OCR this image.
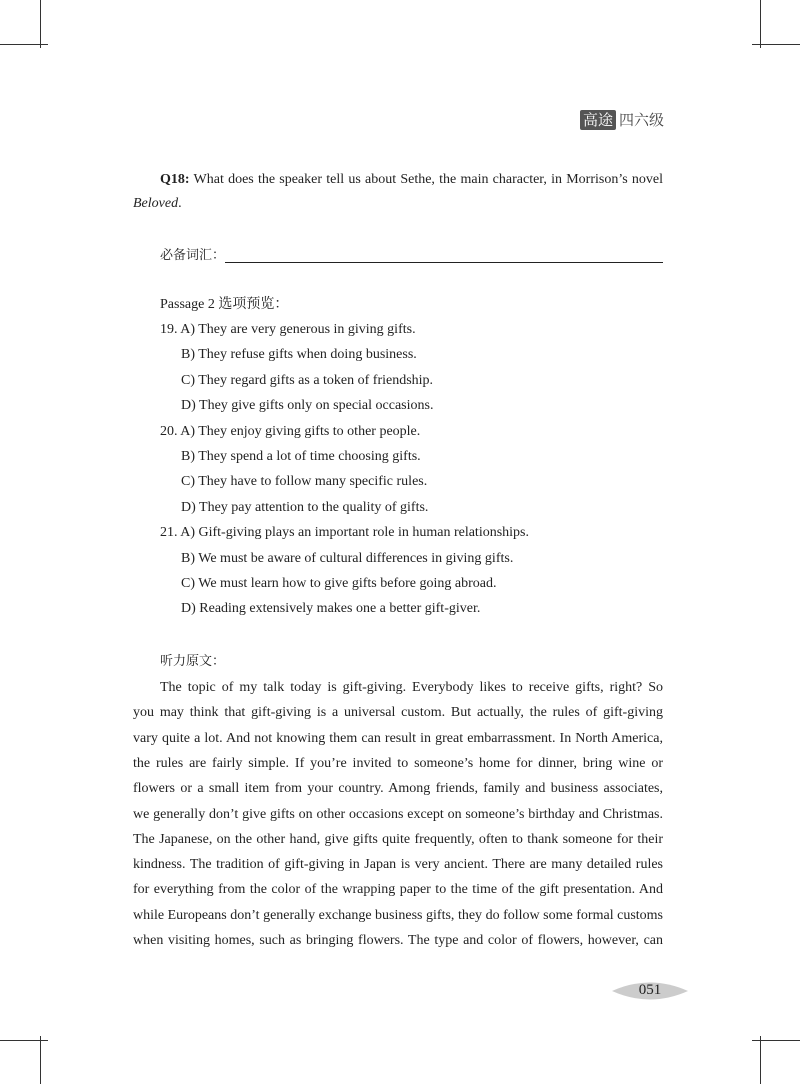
高途 四六级
Q18: What does the speaker tell us about Sethe, the main character, in Morrison’s novel
Beloved.
必备词汇：
Passage 2 选项预览：
19. A) They are very generous in giving gifts.
B) They refuse gifts when doing business.
C) They regard gifts as a token of friendship.
D) They give gifts only on special occasions.
20. A) They enjoy giving gifts to other people.
B) They spend a lot of time choosing gifts.
C) They have to follow many specific rules.
D) They pay attention to the quality of gifts.
21. A) Gift-giving plays an important role in human relationships.
B) We must be aware of cultural differences in giving gifts.
C) We must learn how to give gifts before going abroad.
D) Reading extensively makes one a better gift-giver.
听力原文：
The topic of my talk today is gift-giving. Everybody likes to receive gifts, right? So
you may think that gift-giving is a universal custom. But actually, the rules of gift-giving
vary quite a lot. And not knowing them can result in great embarrassment. In North America,
the rules are fairly simple. If you’re invited to someone’s home for dinner, bring wine or
flowers or a small item from your country. Among friends, family and business associates,
we generally don’t give gifts on other occasions except on someone’s birthday and Christmas.
The Japanese, on the other hand, give gifts quite frequently, often to thank someone for their
kindness. The tradition of gift-giving in Japan is very ancient. There are many detailed rules
for everything from the color of the wrapping paper to the time of the gift presentation. And
while Europeans don’t generally exchange business gifts, they do follow some formal customs
when visiting homes, such as bringing flowers. The type and color of flowers, however, can
051
